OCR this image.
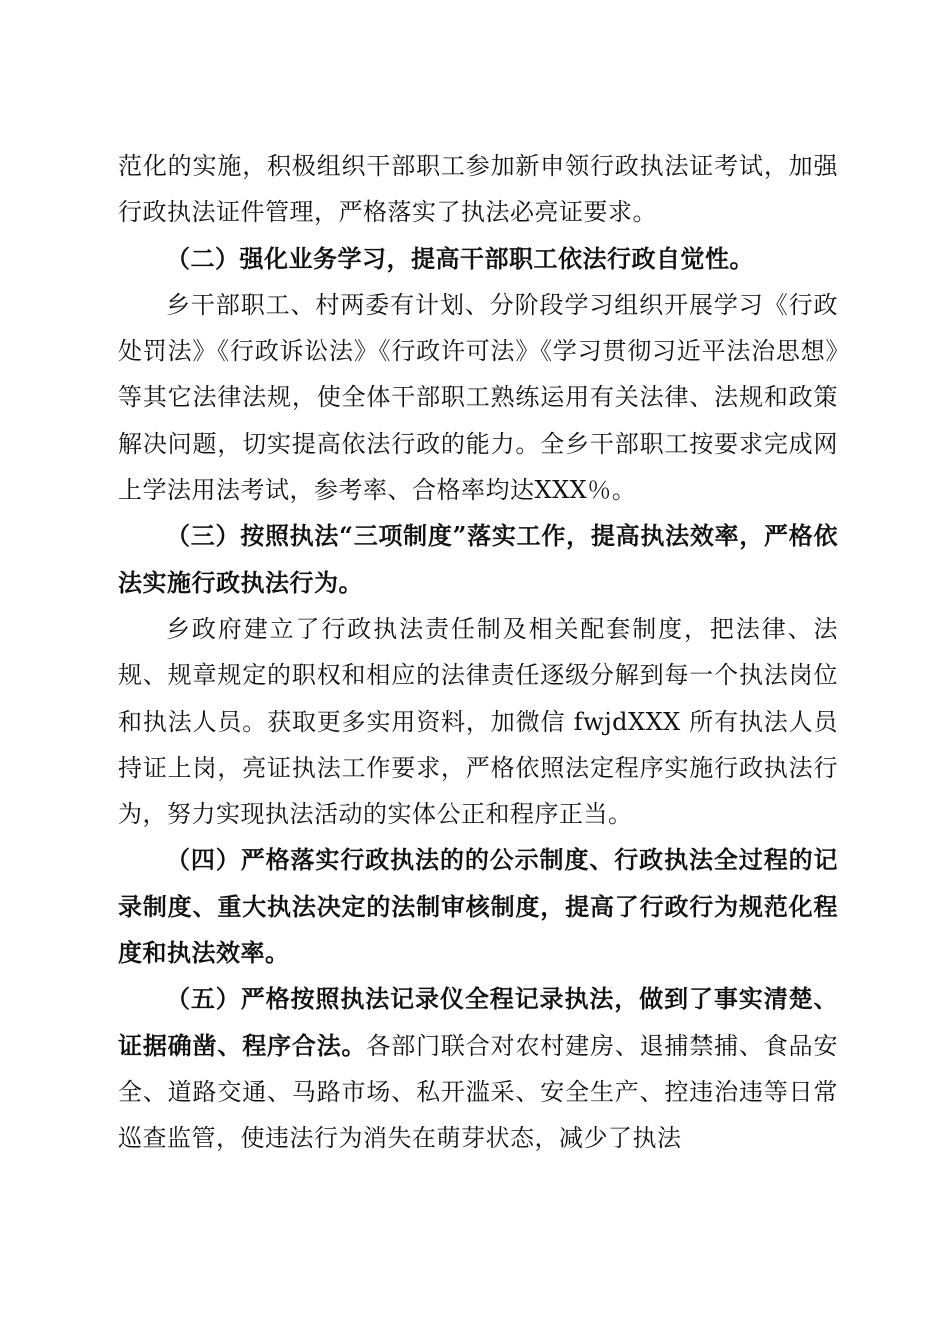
范化的实施，积极组织干部职工参加新申领行政执法证考试，加强行政执法证件管理，严格落实了执法必亮证要求。

（二）强化业务学习，提高干部职工依法行政自觉性。

乡干部职工、村两委有计划、分阶段学习组织开展学习《行政处罚法》《行政诉讼法》《行政许可法》《学习贯彻习近平法治思想》等其它法律法规，使全体干部职工熟练运用有关法律、法规和政策解决问题，切实提高依法行政的能力。全乡干部职工按要求完成网上学法用法考试，参考率、合格率均达XXX％。

（三）按照执法“三项制度”落实工作，提高执法效率，严格依法实施行政执法行为。

乡政府建立了行政执法责任制及相关配套制度，把法律、法规、规章规定的职权和相应的法律责任逐级分解到每一个执法岗位和执法人员。获取更多实用资料，加微信 fwjdXXX 所有执法人员持证上岗，亮证执法工作要求，严格依照法定程序实施行政执法行为，努力实现执法活动的实体公正和程序正当。

（四）严格落实行政执法的的公示制度、行政执法全过程的记录制度、重大执法决定的法制审核制度，提高了行政行为规范化程度和执法效率。

（五）严格按照执法记录仪全程记录执法，做到了事实清楚、证据确凿、程序合法。各部门联合对农村建房、退捕禁捕、食品安全、道路交通、马路市场、私开滥采、安全生产、控违治违等日常巡查监管，使违法行为消失在萌芽状态，减少了执法
